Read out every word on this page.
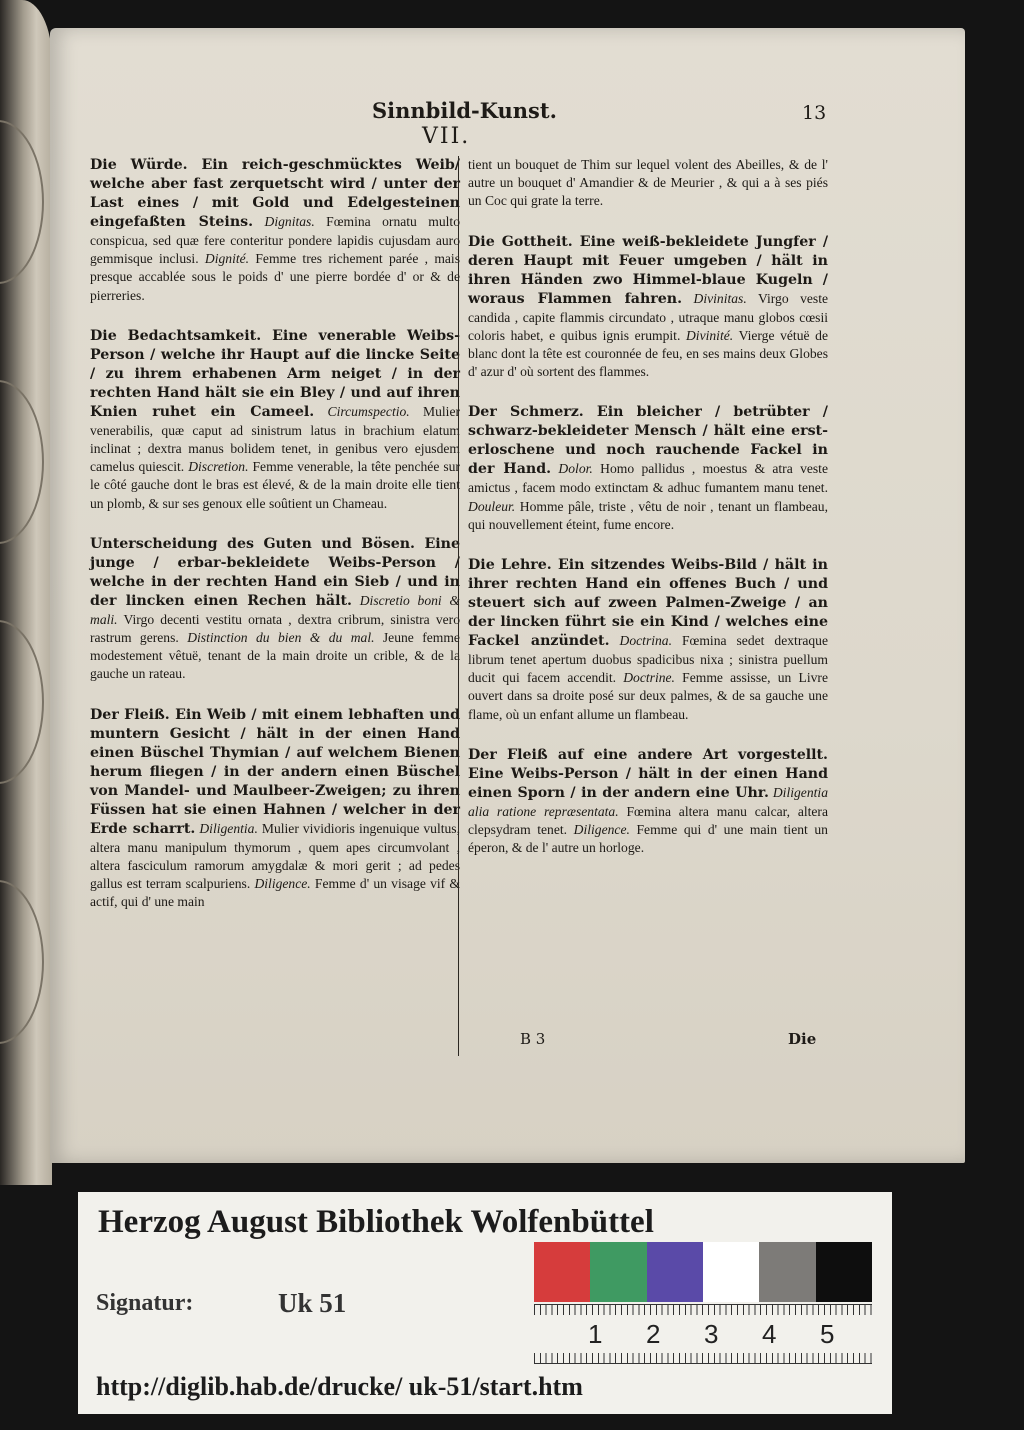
Sinnbild-Kunst.	13
VII.

Die Würde. Ein reich-geschmücktes Weib/ welche aber fast zerquetscht wird / unter der Last eines / mit Gold und Edelgesteinen eingefaßten Steins. Dignitas. Fœmina ornatu multo conspicua, sed quæ fere conteritur pondere lapidis cujusdam auro gemmisque inclusi. Dignité. Femme tres richement parée , mais presque accablée sous le poids d' une pierre bordée d' or & de pierreries.

Die Bedachtsamkeit. Eine venerable Weibs-Person / welche ihr Haupt auf die lincke Seite / zu ihrem erhabenen Arm neiget / in der rechten Hand hält sie ein Bley / und auf ihren Knien ruhet ein Cameel. Circumspectio. Mulier venerabilis, quæ caput ad sinistrum latus in brachium elatum inclinat ; dextra manus bolidem tenet, in genibus vero ejusdem camelus quiescit. Discretion. Femme venerable, la tête penchée sur le côté gauche dont le bras est élevé, & de la main droite elle tient un plomb, & sur ses genoux elle soûtient un Chameau.

Unterscheidung des Guten und Bösen. Eine junge / erbar-bekleidete Weibs-Person / welche in der rechten Hand ein Sieb / und in der lincken einen Rechen hält. Discretio boni & mali. Virgo decenti vestitu ornata , dextra cribrum, sinistra vero rastrum gerens. Distinction du bien & du mal. Jeune femme modestement vêtuë, tenant de la main droite un crible, & de la gauche un rateau.

Der Fleiß. Ein Weib / mit einem lebhaften und muntern Gesicht / hält in der einen Hand einen Büschel Thymian / auf welchem Bienen herum fliegen / in der andern einen Büschel von Mandel- und Maulbeer-Zweigen; zu ihren Füssen hat sie einen Hahnen / welcher in der Erde scharrt. Diligentia. Mulier vividioris ingenuique vultus, altera manu manipulum thymorum , quem apes circumvolant , altera fasciculum ramorum amygdalæ & mori gerit ; ad pedes gallus est terram scalpuriens. Diligence. Femme d' un visage vif & actif, qui d' une main

tient un bouquet de Thim sur lequel volent des Abeilles, & de l' autre un bouquet d' Amandier & de Meurier , & qui a à ses piés un Coc qui grate la terre.

Die Gottheit. Eine weiß-bekleidete Jungfer / deren Haupt mit Feuer umgeben / hält in ihren Händen zwo Himmel-blaue Kugeln / woraus Flammen fahren. Divinitas. Virgo veste candida , capite flammis circundato , utraque manu globos cœsii coloris habet, e quibus ignis erumpit. Divinité. Vierge vétuë de blanc dont la tête est couronnée de feu, en ses mains deux Globes d' azur d' où sortent des flammes.

Der Schmerz. Ein bleicher / betrübter / schwarz-bekleideter Mensch / hält eine erst-erloschene und noch rauchende Fackel in der Hand. Dolor. Homo pallidus , moestus & atra veste amictus , facem modo extinctam & adhuc fumantem manu tenet. Douleur. Homme pâle, triste , vêtu de noir , tenant un flambeau, qui nouvellement éteint, fume encore.

Die Lehre. Ein sitzendes Weibs-Bild / hält in ihrer rechten Hand ein offenes Buch / und steuert sich auf zween Palmen-Zweige / an der lincken führt sie ein Kind / welches eine Fackel anzündet. Doctrina. Fœmina sedet dextraque librum tenet apertum duobus spadicibus nixa ; sinistra puellum ducit qui facem accendit. Doctrine. Femme assisse, un Livre ouvert dans sa droite posé sur deux palmes, & de sa gauche une flame, où un enfant allume un flambeau.

Der Fleiß auf eine andere Art vorgestellt. Eine Weibs-Person / hält in der einen Hand einen Sporn / in der andern eine Uhr. Diligentia alia ratione repræsentata. Fœmina altera manu calcar, altera clepsydram tenet. Diligence. Femme qui d' une main tient un éperon, & de l' autre un horloge.

B 3	Die
Herzog August Bibliothek Wolfenbüttel
Signatur:	Uk 51
1 2 3 4 5
http://diglib.hab.de/drucke/ uk-51/start.htm
